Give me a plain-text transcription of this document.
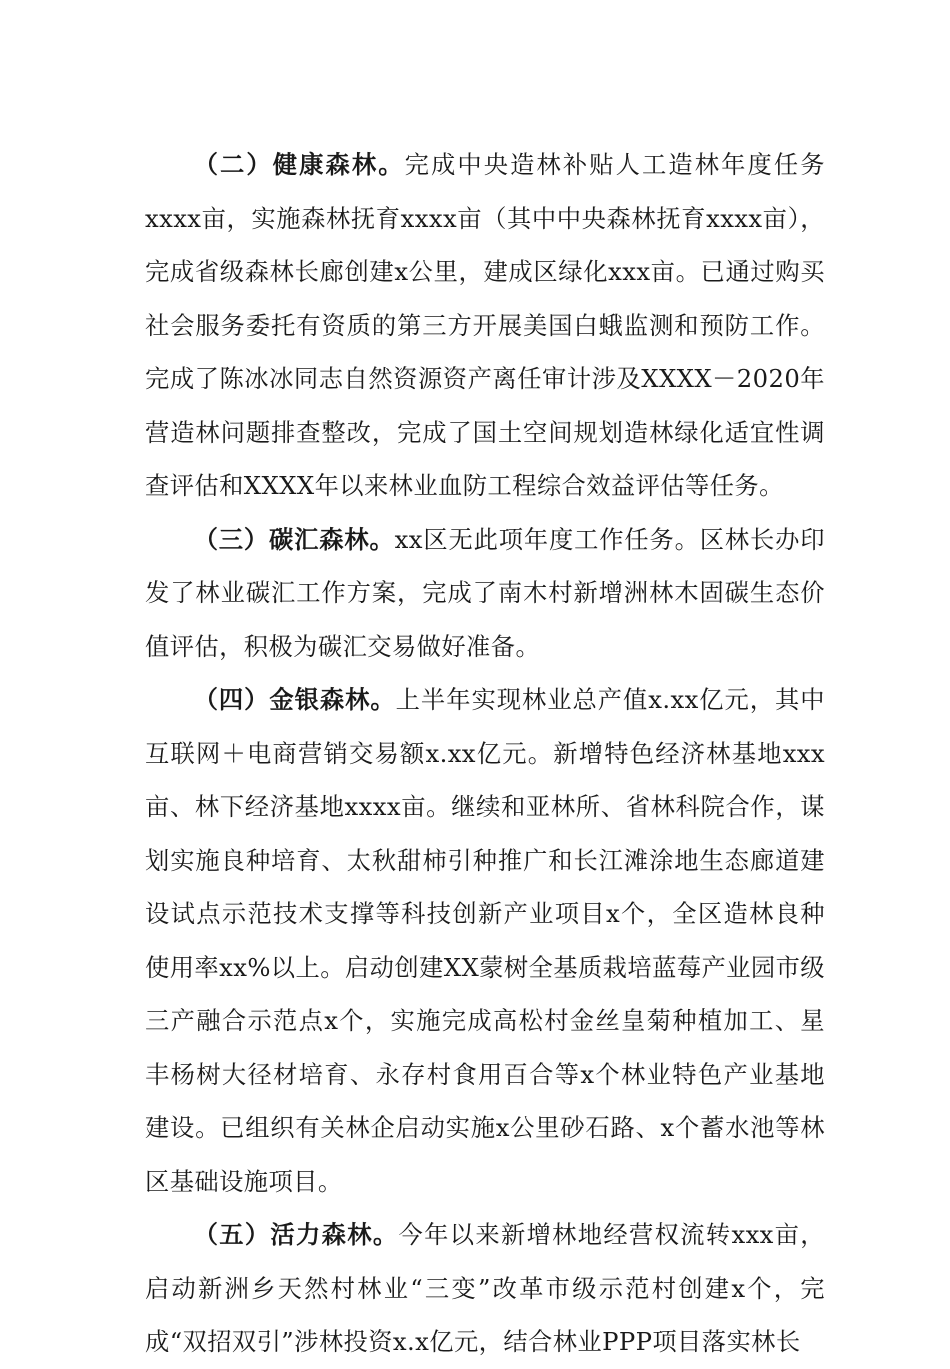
（二）健康森林。完成中央造林补贴人工造林年度任务xxxx亩，实施森林抚育xxxx亩（其中中央森林抚育xxxx亩），完成省级森林长廊创建x公里，建成区绿化xxx亩。已通过购买社会服务委托有资质的第三方开展美国白蛾监测和预防工作。完成了陈冰冰同志自然资源资产离任审计涉及XXXX－2020年营造林问题排查整改，完成了国土空间规划造林绿化适宜性调查评估和XXXX年以来林业血防工程综合效益评估等任务。

（三）碳汇森林。xx区无此项年度工作任务。区林长办印发了林业碳汇工作方案，完成了南木村新增洲林木固碳生态价值评估，积极为碳汇交易做好准备。

（四）金银森林。上半年实现林业总产值x.xx亿元，其中互联网＋电商营销交易额x.xx亿元。新增特色经济林基地xxx亩、林下经济基地xxxx亩。继续和亚林所、省林科院合作，谋划实施良种培育、太秋甜柿引种推广和长江滩涂地生态廊道建设试点示范技术支撑等科技创新产业项目x个，全区造林良种使用率xx%以上。启动创建XX蒙树全基质栽培蓝莓产业园市级三产融合示范点x个，实施完成高松村金丝皇菊种植加工、星丰杨树大径材培育、永存村食用百合等x个林业特色产业基地建设。已组织有关林企启动实施x公里砂石路、x个蓄水池等林区基础设施项目。

（五）活力森林。今年以来新增林地经营权流转xxx亩，启动新洲乡天然村林业“三变”改革市级示范村创建x个，完成“双招双引”涉林投资x.x亿元，结合林业PPP项目落实林长
